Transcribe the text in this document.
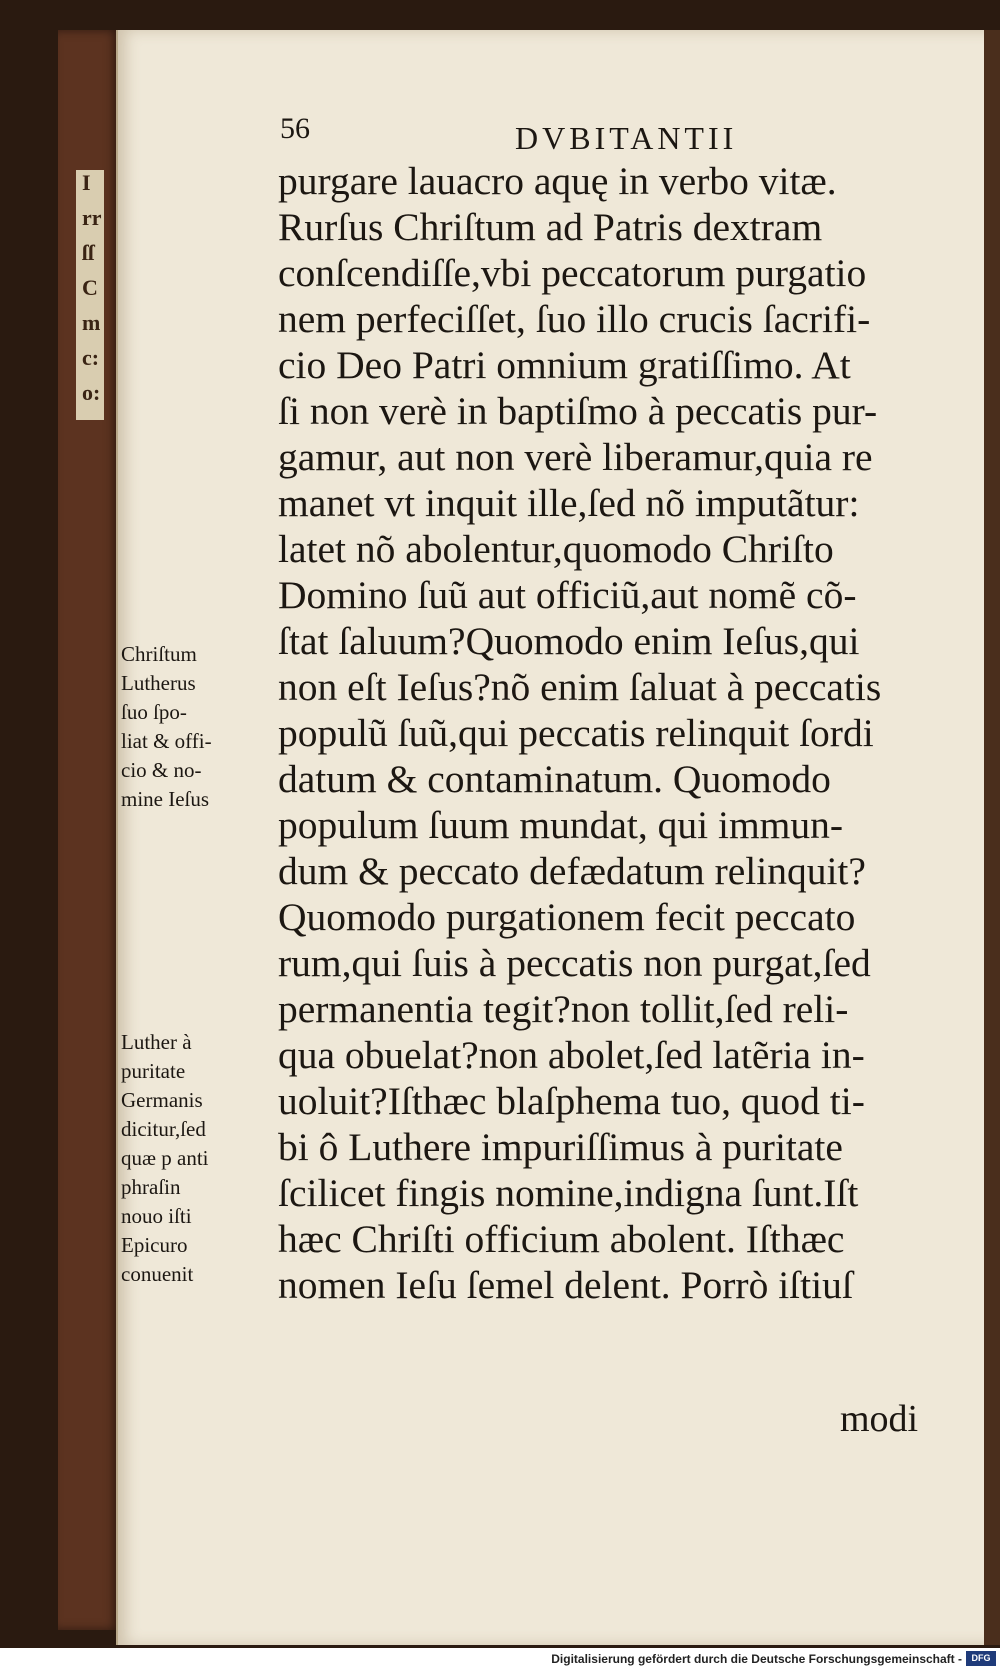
I
rr
ſſ
C
m
c:
o:
56	DVBITANTII
purgare lauacro aquę in verbo vitæ.
Rurſus Chriſtum ad Patris dextram
conſcendiſſe,vbi peccatorum purgatio
nem perfeciſſet, ſuo illo crucis ſacrifi-
cio Deo Patri omnium gratiſſimo. At
ſi non verè in baptiſmo à peccatis pur-
gamur, aut non verè liberamur,quia re
manet vt inquit ille,ſed nõ imputãtur:
latet nõ abolentur,quomodo Chriſto
Domino ſuũ aut officiũ,aut nomẽ cõ-
ſtat ſaluum?Quomodo enim Ieſus,qui
non eſt Ieſus?nõ enim ſaluat à peccatis
populũ ſuũ,qui peccatis relinquit ſordi
datum & contaminatum. Quomodo
populum ſuum mundat, qui immun-
dum & peccato defædatum relinquit?
Quomodo purgationem fecit peccato
rum,qui ſuis à peccatis non purgat,ſed
permanentia tegit?non tollit,ſed reli-
qua obuelat?non abolet,ſed latẽria in-
uoluit?Iſthæc blaſphema tuo, quod ti-
bi ô Luthere impuriſſimus à puritate
ſcilicet fingis nomine,indigna ſunt.Iſt
hæc Chriſti officium abolent. Iſthæc
nomen Ieſu ſemel delent. Porrò iſtiuſ
modi
Chriſtum
Lutherus
ſuo ſpo-
liat & offi-
cio & no-
mine Ieſus
Luther à
puritate
Germanis
dicitur,ſed
quæ p anti
phraſin
nouo iſti
Epicuro
conuenit
Digitalisierung gefördert durch die Deutsche Forschungsgemeinschaft -	DFG
